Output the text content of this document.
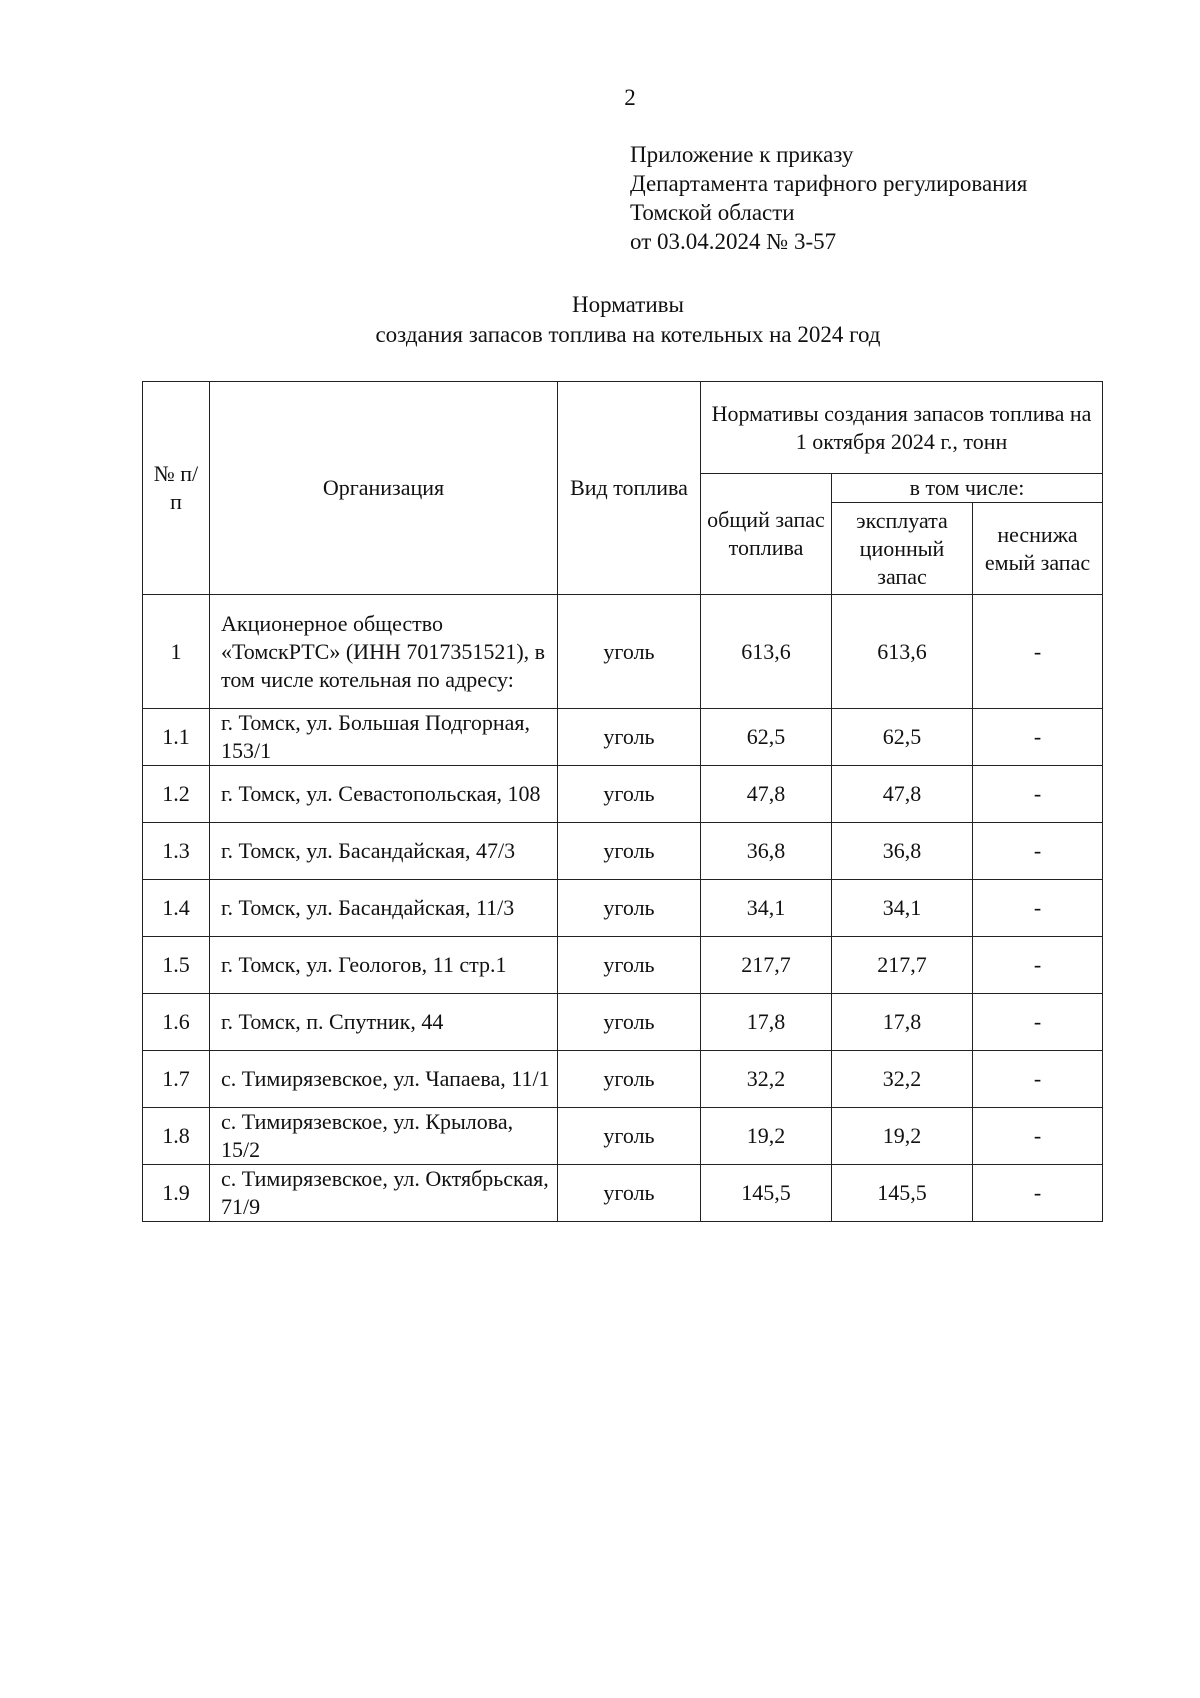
2
Приложение к приказу
Департамента тарифного регулирования
Томской области
от 03.04.2024 № 3-57
Нормативы
создания запасов топлива на котельных на 2024 год
№ п/п	Организация	Вид топлива	Нормативы создания запасов топлива на 1 октября 2024 г., тонн		
			общий запас топлива	в том числе:	
				эксплуата ционный запас	неснижа емый запас
1	Акционерное общество «ТомскРТС» (ИНН 7017351521), в том числе котельная по адресу:	уголь	613,6	613,6	-
1.1	г. Томск, ул. Большая Подгорная, 153/1	уголь	62,5	62,5	-
1.2	г. Томск, ул. Севастопольская, 108	уголь	47,8	47,8	-
1.3	г. Томск, ул. Басандайская, 47/3	уголь	36,8	36,8	-
1.4	г. Томск, ул. Басандайская, 11/3	уголь	34,1	34,1	-
1.5	г. Томск, ул. Геологов, 11 стр.1	уголь	217,7	217,7	-
1.6	г. Томск, п. Спутник, 44	уголь	17,8	17,8	-
1.7	с. Тимирязевское, ул. Чапаева, 11/1	уголь	32,2	32,2	-
1.8	с. Тимирязевское, ул. Крылова, 15/2	уголь	19,2	19,2	-
1.9	с. Тимирязевское, ул. Октябрьская, 71/9	уголь	145,5	145,5	-
